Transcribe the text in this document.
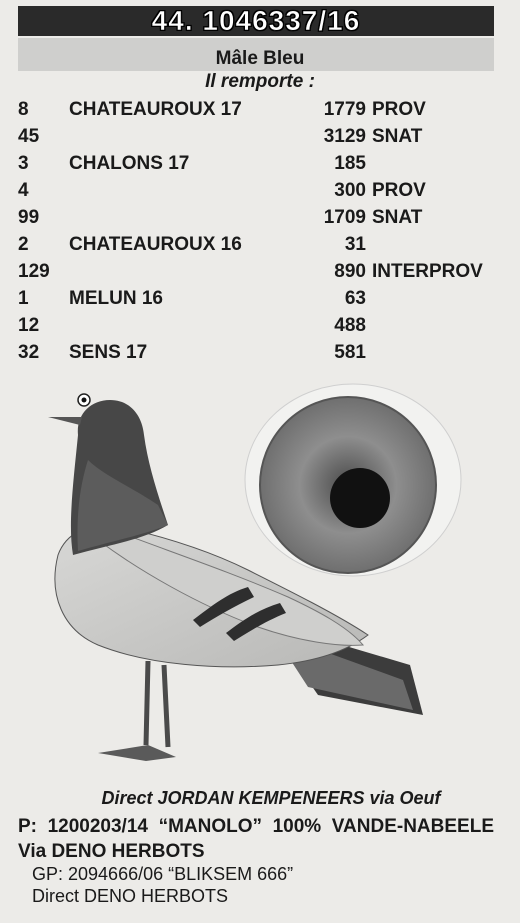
44. 1046337/16
Mâle Bleu
Il remporte :
8 CHATEAUROUX 17	1779 PROV
45	3129 SNAT
3 CHALONS 17	185
4	300 PROV
99	1709 SNAT
2 CHATEAUROUX 16	31
129	890 INTERPROV
1 MELUN 16	63
12	488
32 SENS 17	581
Direct JORDAN KEMPENEERS via Oeuf
P: 1200203/14 “MANOLO” 100% VANDE-NABEELE Via DENO HERBOTS
GP: 2094666/06 “BLIKSEM 666”
Direct DENO HERBOTS
